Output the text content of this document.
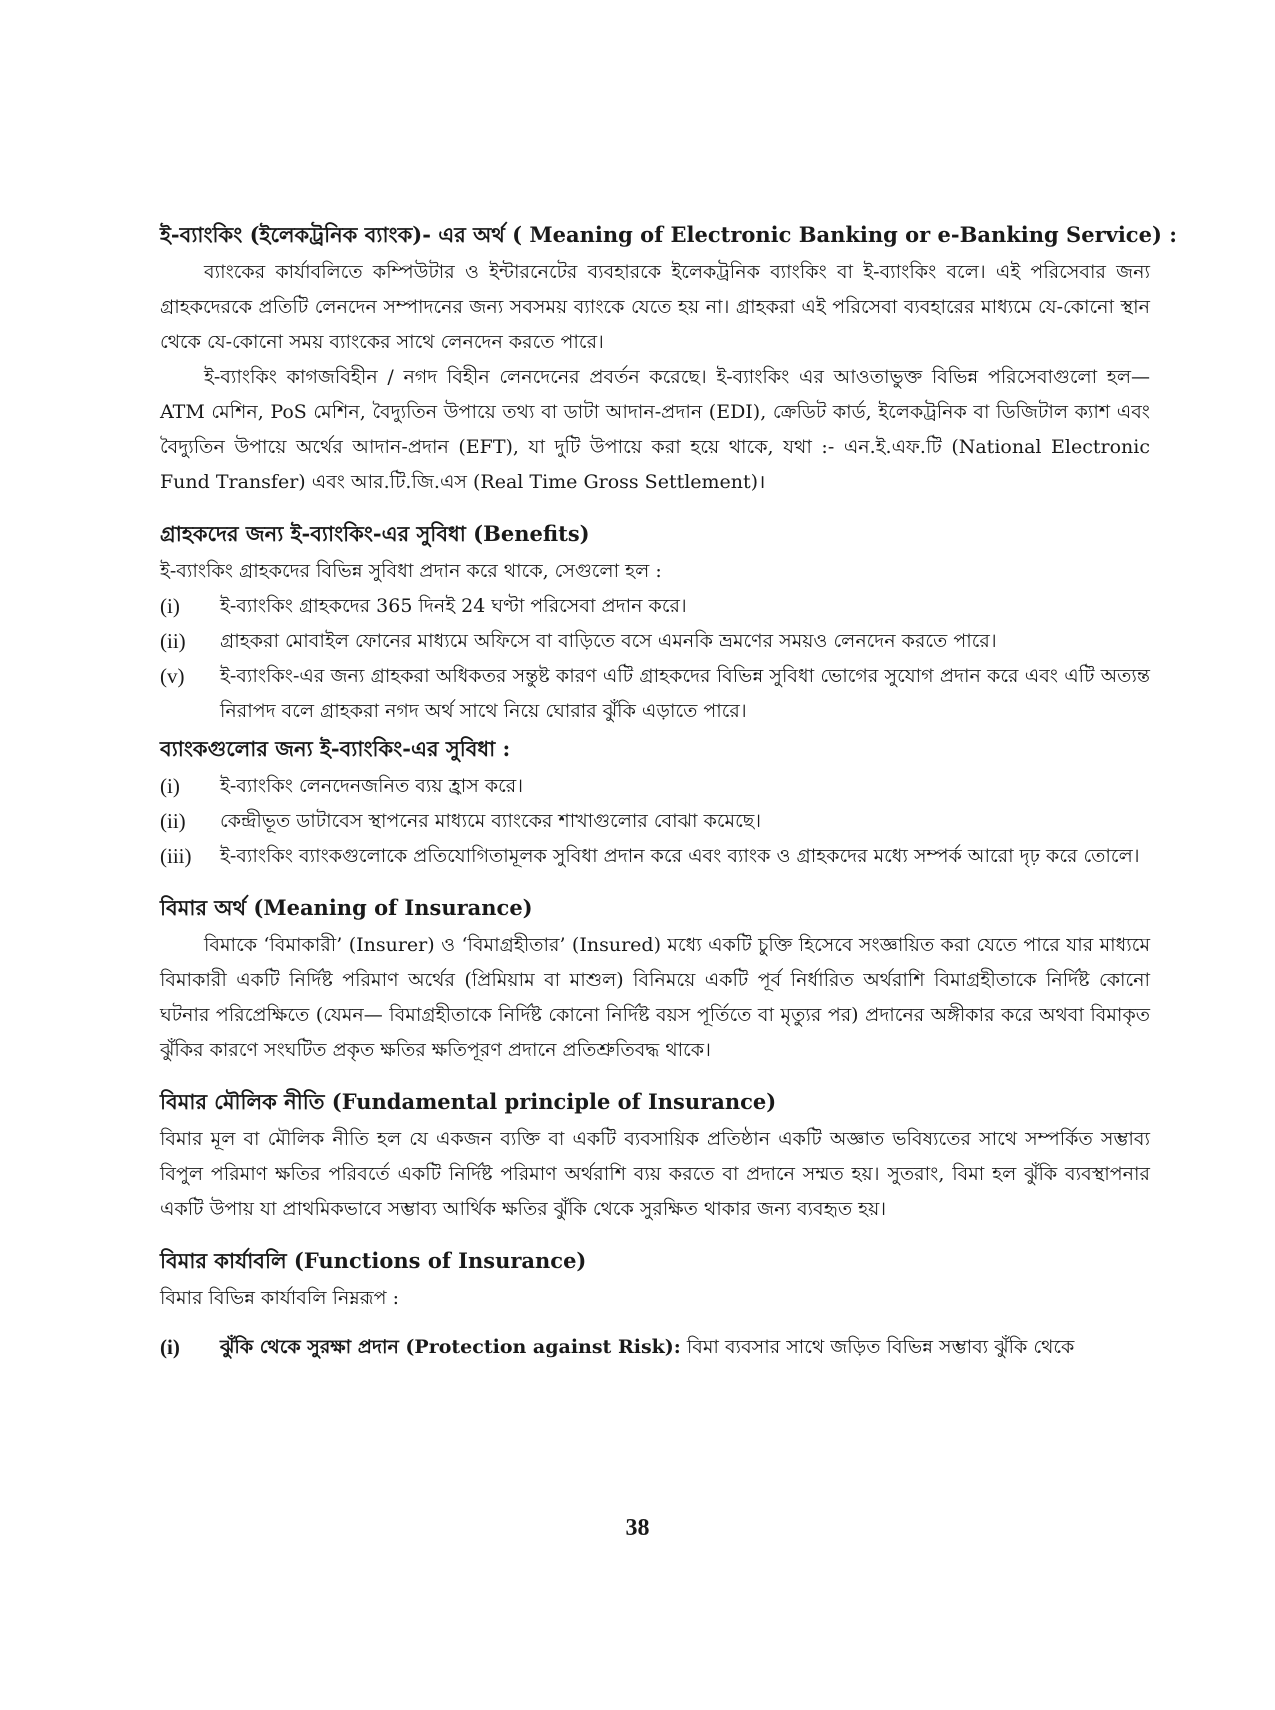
ই-ব্যাংকিং (ইলেকট্রনিক ব্যাংক)- এর অর্থ ( Meaning of Electronic Banking or e-Banking Service) :

ব্যাংকের কার্যাবলিতে কম্পিউটার ও ইন্টারনেটের ব্যবহারকে ইলেকট্রনিক ব্যাংকিং বা ই-ব্যাংকিং বলে। এই পরিসেবার জন্য গ্রাহকদেরকে প্রতিটি লেনদেন সম্পাদনের জন্য সবসময় ব্যাংকে যেতে হয় না। গ্রাহকরা এই পরিসেবা ব্যবহারের মাধ্যমে যে-কোনো স্থান থেকে যে-কোনো সময় ব্যাংকের সাথে লেনদেন করতে পারে।

ই-ব্যাংকিং কাগজবিহীন / নগদ বিহীন লেনদেনের প্রবর্তন করেছে। ই-ব্যাংকিং এর আওতাভুক্ত বিভিন্ন পরিসেবাগুলো হল— ATM মেশিন, PoS মেশিন, বৈদ্যুতিন উপায়ে তথ্য বা ডাটা আদান-প্রদান (EDI), ক্রেডিট কার্ড, ইলেকট্রনিক বা ডিজিটাল ক্যাশ এবং বৈদ্যুতিন উপায়ে অর্থের আদান-প্রদান (EFT), যা দুটি উপায়ে করা হয়ে থাকে, যথা :- এন.ই.এফ.টি (National Electronic Fund Transfer) এবং আর.টি.জি.এস (Real Time Gross Settlement)।

গ্রাহকদের জন্য ই-ব্যাংকিং-এর সুবিধা (Benefits)

ই-ব্যাংকিং গ্রাহকদের বিভিন্ন সুবিধা প্রদান করে থাকে, সেগুলো হল :

(i)	ই-ব্যাংকিং গ্রাহকদের 365 দিনই 24 ঘণ্টা পরিসেবা প্রদান করে।
(ii)	গ্রাহকরা মোবাইল ফোনের মাধ্যমে অফিসে বা বাড়িতে বসে এমনকি ভ্রমণের সময়ও লেনদেন করতে পারে।
(v)	ই-ব্যাংকিং-এর জন্য গ্রাহকরা অধিকতর সন্তুষ্ট কারণ এটি গ্রাহকদের বিভিন্ন সুবিধা ভোগের সুযোগ প্রদান করে এবং এটি অত্যন্ত নিরাপদ বলে গ্রাহকরা নগদ অর্থ সাথে নিয়ে ঘোরার ঝুঁকি এড়াতে পারে।
ব্যাংকগুলোর জন্য ই-ব্যাংকিং-এর সুবিধা :
(i)	ই-ব্যাংকিং লেনদেনজনিত ব্যয় হ্রাস করে।
(ii)	কেন্দ্রীভূত ডাটাবেস স্থাপনের মাধ্যমে ব্যাংকের শাখাগুলোর বোঝা কমেছে।
(iii)	ই-ব্যাংকিং ব্যাংকগুলোকে প্রতিযোগিতামূলক সুবিধা প্রদান করে এবং ব্যাংক ও গ্রাহকদের মধ্যে সম্পর্ক আরো দৃঢ় করে তোলে।
বিমার অর্থ (Meaning of Insurance)

বিমাকে ‘বিমাকারী’ (Insurer) ও ‘বিমাগ্রহীতার’ (Insured) মধ্যে একটি চুক্তি হিসেবে সংজ্ঞায়িত করা যেতে পারে যার মাধ্যমে বিমাকারী একটি নির্দিষ্ট পরিমাণ অর্থের (প্রিমিয়াম বা মাশুল) বিনিময়ে একটি পূর্ব নির্ধারিত অর্থরাশি বিমাগ্রহীতাকে নির্দিষ্ট কোনো ঘটনার পরিপ্রেক্ষিতে (যেমন— বিমাগ্রহীতাকে নির্দিষ্ট কোনো নির্দিষ্ট বয়স পূর্তিতে বা মৃত্যুর পর) প্রদানের অঙ্গীকার করে অথবা বিমাকৃত ঝুঁকির কারণে সংঘটিত প্রকৃত ক্ষতির ক্ষতিপূরণ প্রদানে প্রতিশ্রুতিবদ্ধ থাকে।

বিমার মৌলিক নীতি (Fundamental principle of Insurance)

বিমার মূল বা মৌলিক নীতি হল যে একজন ব্যক্তি বা একটি ব্যবসায়িক প্রতিষ্ঠান একটি অজ্ঞাত ভবিষ্যতের সাথে সম্পর্কিত সম্ভাব্য বিপুল পরিমাণ ক্ষতির পরিবর্তে একটি নির্দিষ্ট পরিমাণ অর্থরাশি ব্যয় করতে বা প্রদানে সম্মত হয়। সুতরাং, বিমা হল ঝুঁকি ব্যবস্থাপনার একটি উপায় যা প্রাথমিকভাবে সম্ভাব্য আর্থিক ক্ষতির ঝুঁকি থেকে সুরক্ষিত থাকার জন্য ব্যবহৃত হয়।

বিমার কার্যাবলি (Functions of Insurance)

বিমার বিভিন্ন কার্যাবলি নিম্নরূপ :

(i)	ঝুঁকি থেকে সুরক্ষা প্রদান (Protection against Risk): বিমা ব্যবসার সাথে জড়িত বিভিন্ন সম্ভাব্য ঝুঁকি থেকে
38
